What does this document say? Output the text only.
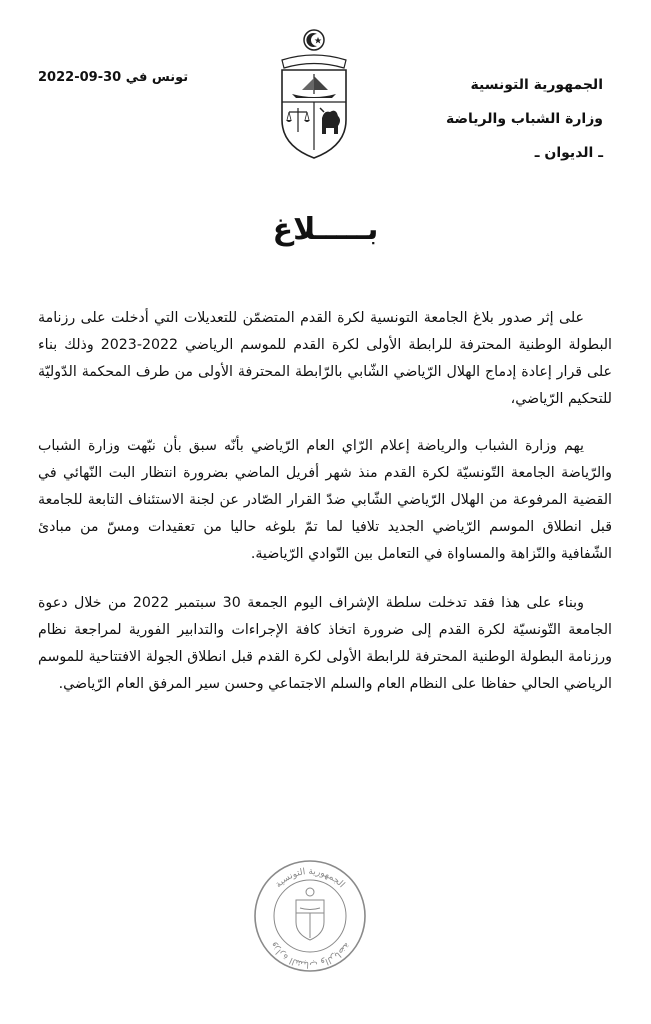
الجمهورية التونسية
وزارة الشباب والرياضة
ـ الديوان ـ
تونس في 30-09-2022
بـــــلاغ

على إثر صدور بلاغ الجامعة التونسية لكرة القدم المتضمّن للتعديلات التي أدخلت على رزنامة البطولة الوطنية المحترفة للرابطة الأولى لكرة القدم للموسم الرياضي 2022-2023 وذلك بناء على قرار إعادة إدماج الهلال الرّياضي الشّابي بالرّابطة المحترفة الأولى من طرف المحكمة الدّوليّة للتحكيم الرّياضي،

يهم وزارة الشباب والرياضة إعلام الرّاي العام الرّياضي بأنّه سبق بأن نبّهت وزارة الشباب والرّياضة الجامعة التّونسيّة لكرة القدم منذ شهر أفريل الماضي بضرورة انتظار البت النّهائي في القضية المرفوعة من الهلال الرّياضي الشّابي ضدّ القرار الصّادر عن لجنة الاستئناف التابعة للجامعة قبل انطلاق الموسم الرّياضي الجديد تلافيا لما تمّ بلوغه حاليا من تعقيدات ومسّ من مبادئ الشّفافية والنّزاهة والمساواة في التعامل بين النّوادي الرّياضية.

وبناء على هذا فقد تدخلت سلطة الإشراف اليوم الجمعة 30 سبتمبر 2022 من خلال دعوة الجامعة التّونسيّة لكرة القدم إلى ضرورة اتخاذ كافة الإجراءات والتدابير الفورية لمراجعة نظام ورزنامة البطولة الوطنية المحترفة للرابطة الأولى لكرة القدم قبل انطلاق الجولة الافتتاحية للموسم الرياضي الحالي حفاظا على النظام العام والسلم الاجتماعي وحسن سير المرفق العام الرّياضي.

الجمهورية التونسية
وزارة الشباب والرياضة
